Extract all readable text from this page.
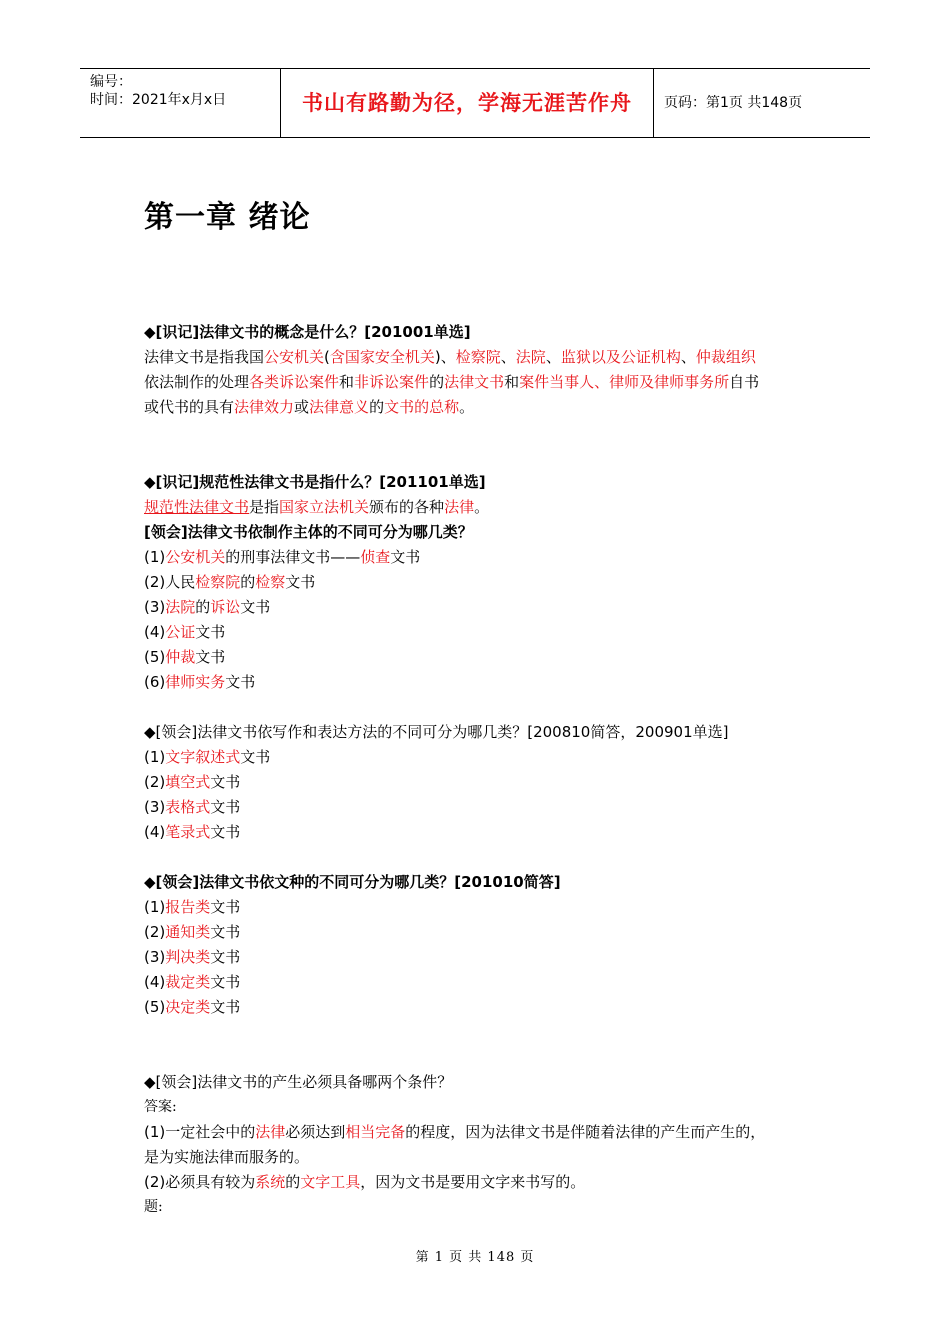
编号：
时间：2021年x月x日	书山有路勤为径，学海无涯苦作舟	页码：第1页 共148页
第一章 绪论
◆[识记]法律文书的概念是什么？[201001单选]
法律文书是指我国公安机关(含国家安全机关)、检察院、法院、监狱以及公证机构、仲裁组织
依法制作的处理各类诉讼案件和非诉讼案件的法律文书和案件当事人、律师及律师事务所自书
或代书的具有法律效力或法律意义的文书的总称。
◆[识记]规范性法律文书是指什么？[201101单选]
规范性法律文书是指国家立法机关颁布的各种法律。
[领会]法律文书依制作主体的不同可分为哪几类？
(1)公安机关的刑事法律文书——侦查文书
(2)人民检察院的检察文书
(3)法院的诉讼文书
(4)公证文书
(5)仲裁文书
(6)律师实务文书
◆[领会]法律文书依写作和表达方法的不同可分为哪几类？[200810简答，200901单选]
(1)文字叙述式文书
(2)填空式文书
(3)表格式文书
(4)笔录式文书
◆[领会]法律文书依文种的不同可分为哪几类？[201010简答]
(1)报告类文书
(2)通知类文书
(3)判决类文书
(4)裁定类文书
(5)决定类文书
◆[领会]法律文书的产生必须具备哪两个条件？
答案:
(1)一定社会中的法律必须达到相当完备的程度，因为法律文书是伴随着法律的产生而产生的，
是为实施法律而服务的。
(2)必须具有较为系统的文字工具，因为文书是要用文字来书写的。
题:
第 1 页 共 148 页
